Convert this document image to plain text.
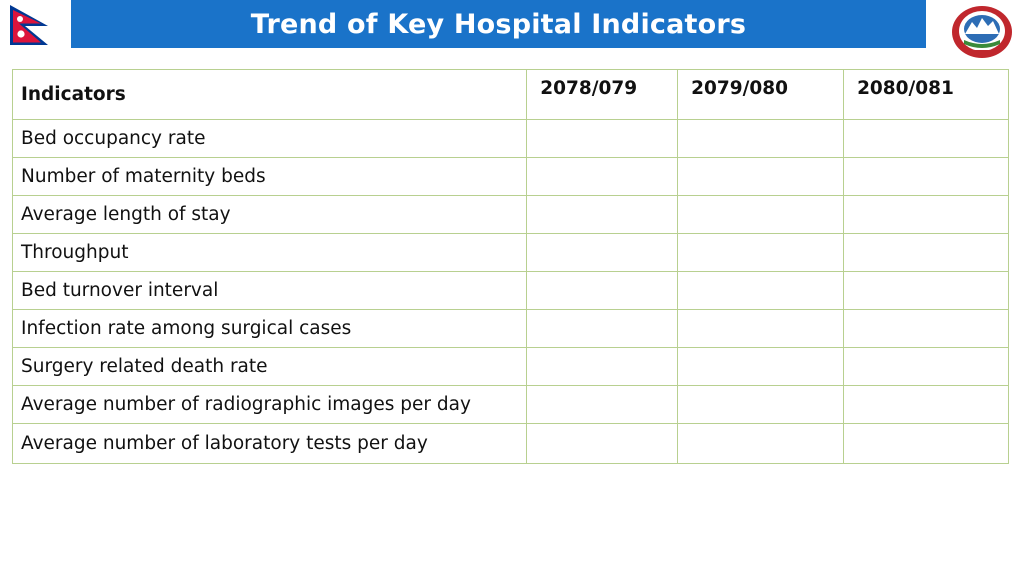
Trend of Key Hospital Indicators
Indicators	2078/079	2079/080	2080/081
Bed occupancy rate			
Number of maternity beds			
Average length of stay			
Throughput			
Bed turnover interval			
Infection rate among surgical cases			
Surgery related death rate			
Average number of radiographic images per day			
Average number of laboratory tests per day			
